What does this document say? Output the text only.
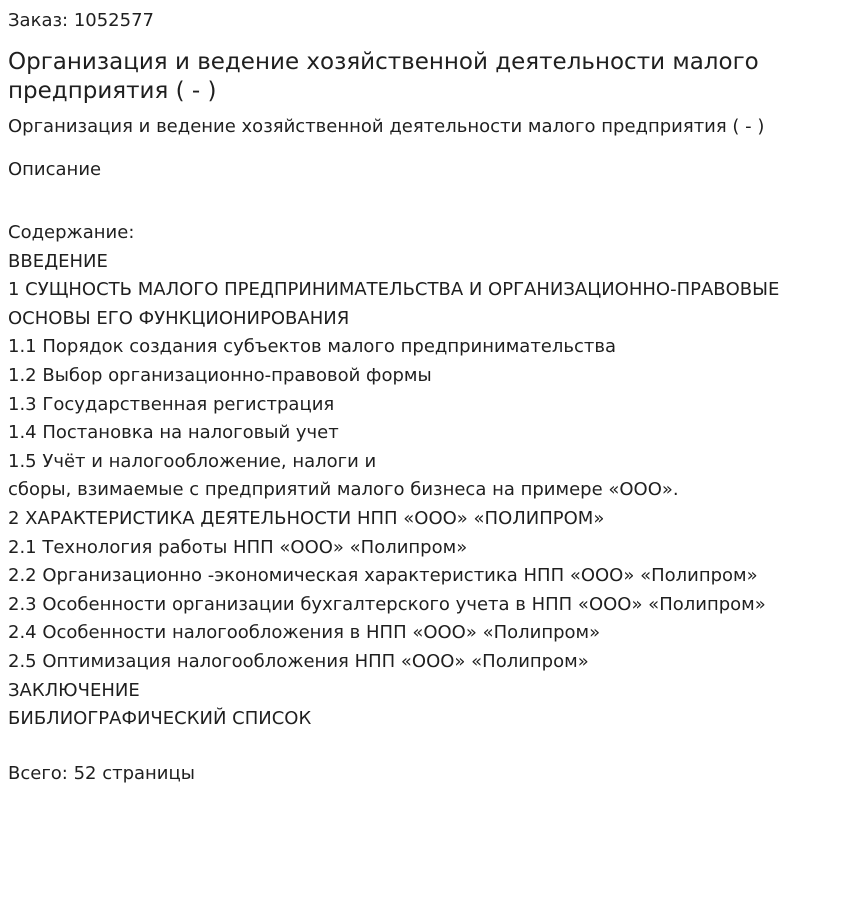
Заказ: 1052577
Организация и ведение хозяйственной деятельности малого предприятия ( - )
Организация и ведение хозяйственной деятельности малого предприятия ( - )
Описание
Содержание:
ВВЕДЕНИЕ
1 СУЩНОСТЬ МАЛОГО ПРЕДПРИНИМАТЕЛЬСТВА И ОРГАНИЗАЦИОННО-ПРАВОВЫЕ
ОСНОВЫ ЕГО ФУНКЦИОНИРОВАНИЯ
1.1 Порядок создания субъектов малого предпринимательства
1.2 Выбор организационно-правовой формы
1.3 Государственная регистрация
1.4 Постановка на налоговый учет
1.5 Учёт и налогообложение, налоги и
сборы, взимаемые с предприятий малого бизнеса на примере «ООО».
2 ХАРАКТЕРИСТИКА ДЕЯТЕЛЬНОСТИ НПП «ООО» «ПОЛИПРОМ»
2.1 Технология работы НПП «ООО» «Полипром»
2.2 Организационно -экономическая характеристика НПП «ООО» «Полипром»
2.3 Особенности организации бухгалтерского учета в НПП «ООО» «Полипром»
2.4 Особенности налогообложения в НПП «ООО» «Полипром»
2.5 Оптимизация налогообложения НПП «ООО» «Полипром»
ЗАКЛЮЧЕНИЕ
БИБЛИОГРАФИЧЕСКИЙ СПИСОК
Всего: 52 страницы
